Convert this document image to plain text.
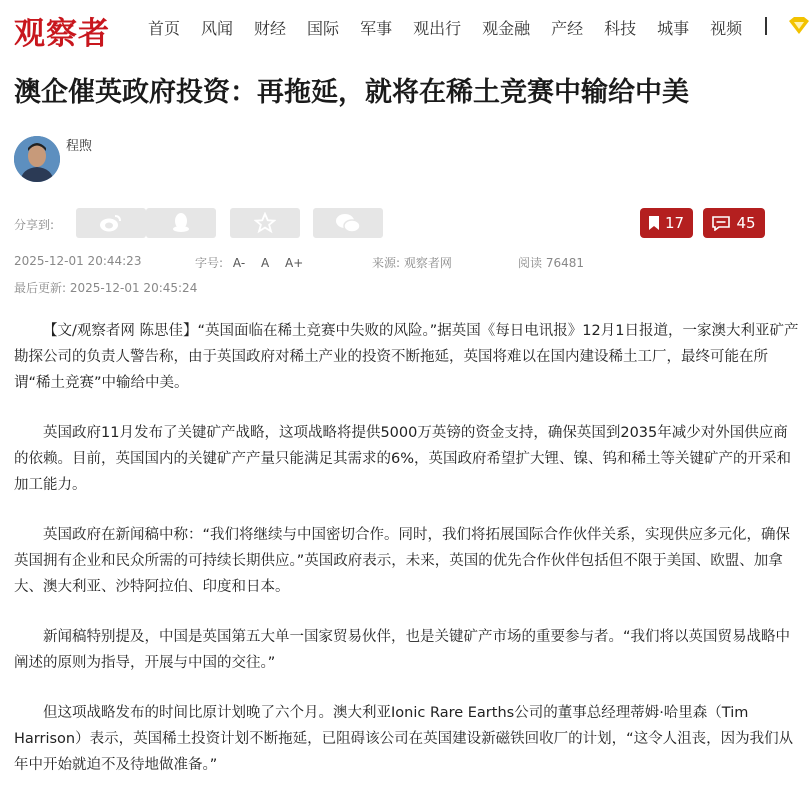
观察者 首页 风闻 财经 国际 军事 观出行 观金融 产经 科技 城事 视频
澳企催英政府投资：再拖延，就将在稀土竞赛中输给中美
程煦
分享到:	17	45
2025-12-01 20:44:23	字号: A- A A+	来源: 观察者网	阅读 76481
最后更新: 2025-12-01 20:45:24

【文/观察者网 陈思佳】“英国面临在稀土竞赛中失败的风险。”据英国《每日电讯报》12月1日报道，一家澳大利亚矿产勘探公司的负责人警告称，由于英国政府对稀土产业的投资不断拖延，英国将难以在国内建设稀土工厂，最终可能在所谓“稀土竞赛”中输给中美。

英国政府11月发布了关键矿产战略，这项战略将提供5000万英镑的资金支持，确保英国到2035年减少对外国供应商的依赖。目前，英国国内的关键矿产产量只能满足其需求的6%，英国政府希望扩大锂、镍、钨和稀土等关键矿产的开采和加工能力。

英国政府在新闻稿中称：“我们将继续与中国密切合作。同时，我们将拓展国际合作伙伴关系，实现供应多元化，确保英国拥有企业和民众所需的可持续长期供应。”英国政府表示，未来，英国的优先合作伙伴包括但不限于美国、欧盟、加拿大、澳大利亚、沙特阿拉伯、印度和日本。

新闻稿特别提及，中国是英国第五大单一国家贸易伙伴，也是关键矿产市场的重要参与者。“我们将以英国贸易战略中阐述的原则为指导，开展与中国的交往。”

但这项战略发布的时间比原计划晚了六个月。澳大利亚Ionic Rare Earths公司的董事总经理蒂姆·哈里森（Tim Harrison）表示，英国稀土投资计划不断拖延，已阻碍该公司在英国建设新磁铁回收厂的计划，“这令人沮丧，因为我们从年中开始就迫不及待地做准备。”
